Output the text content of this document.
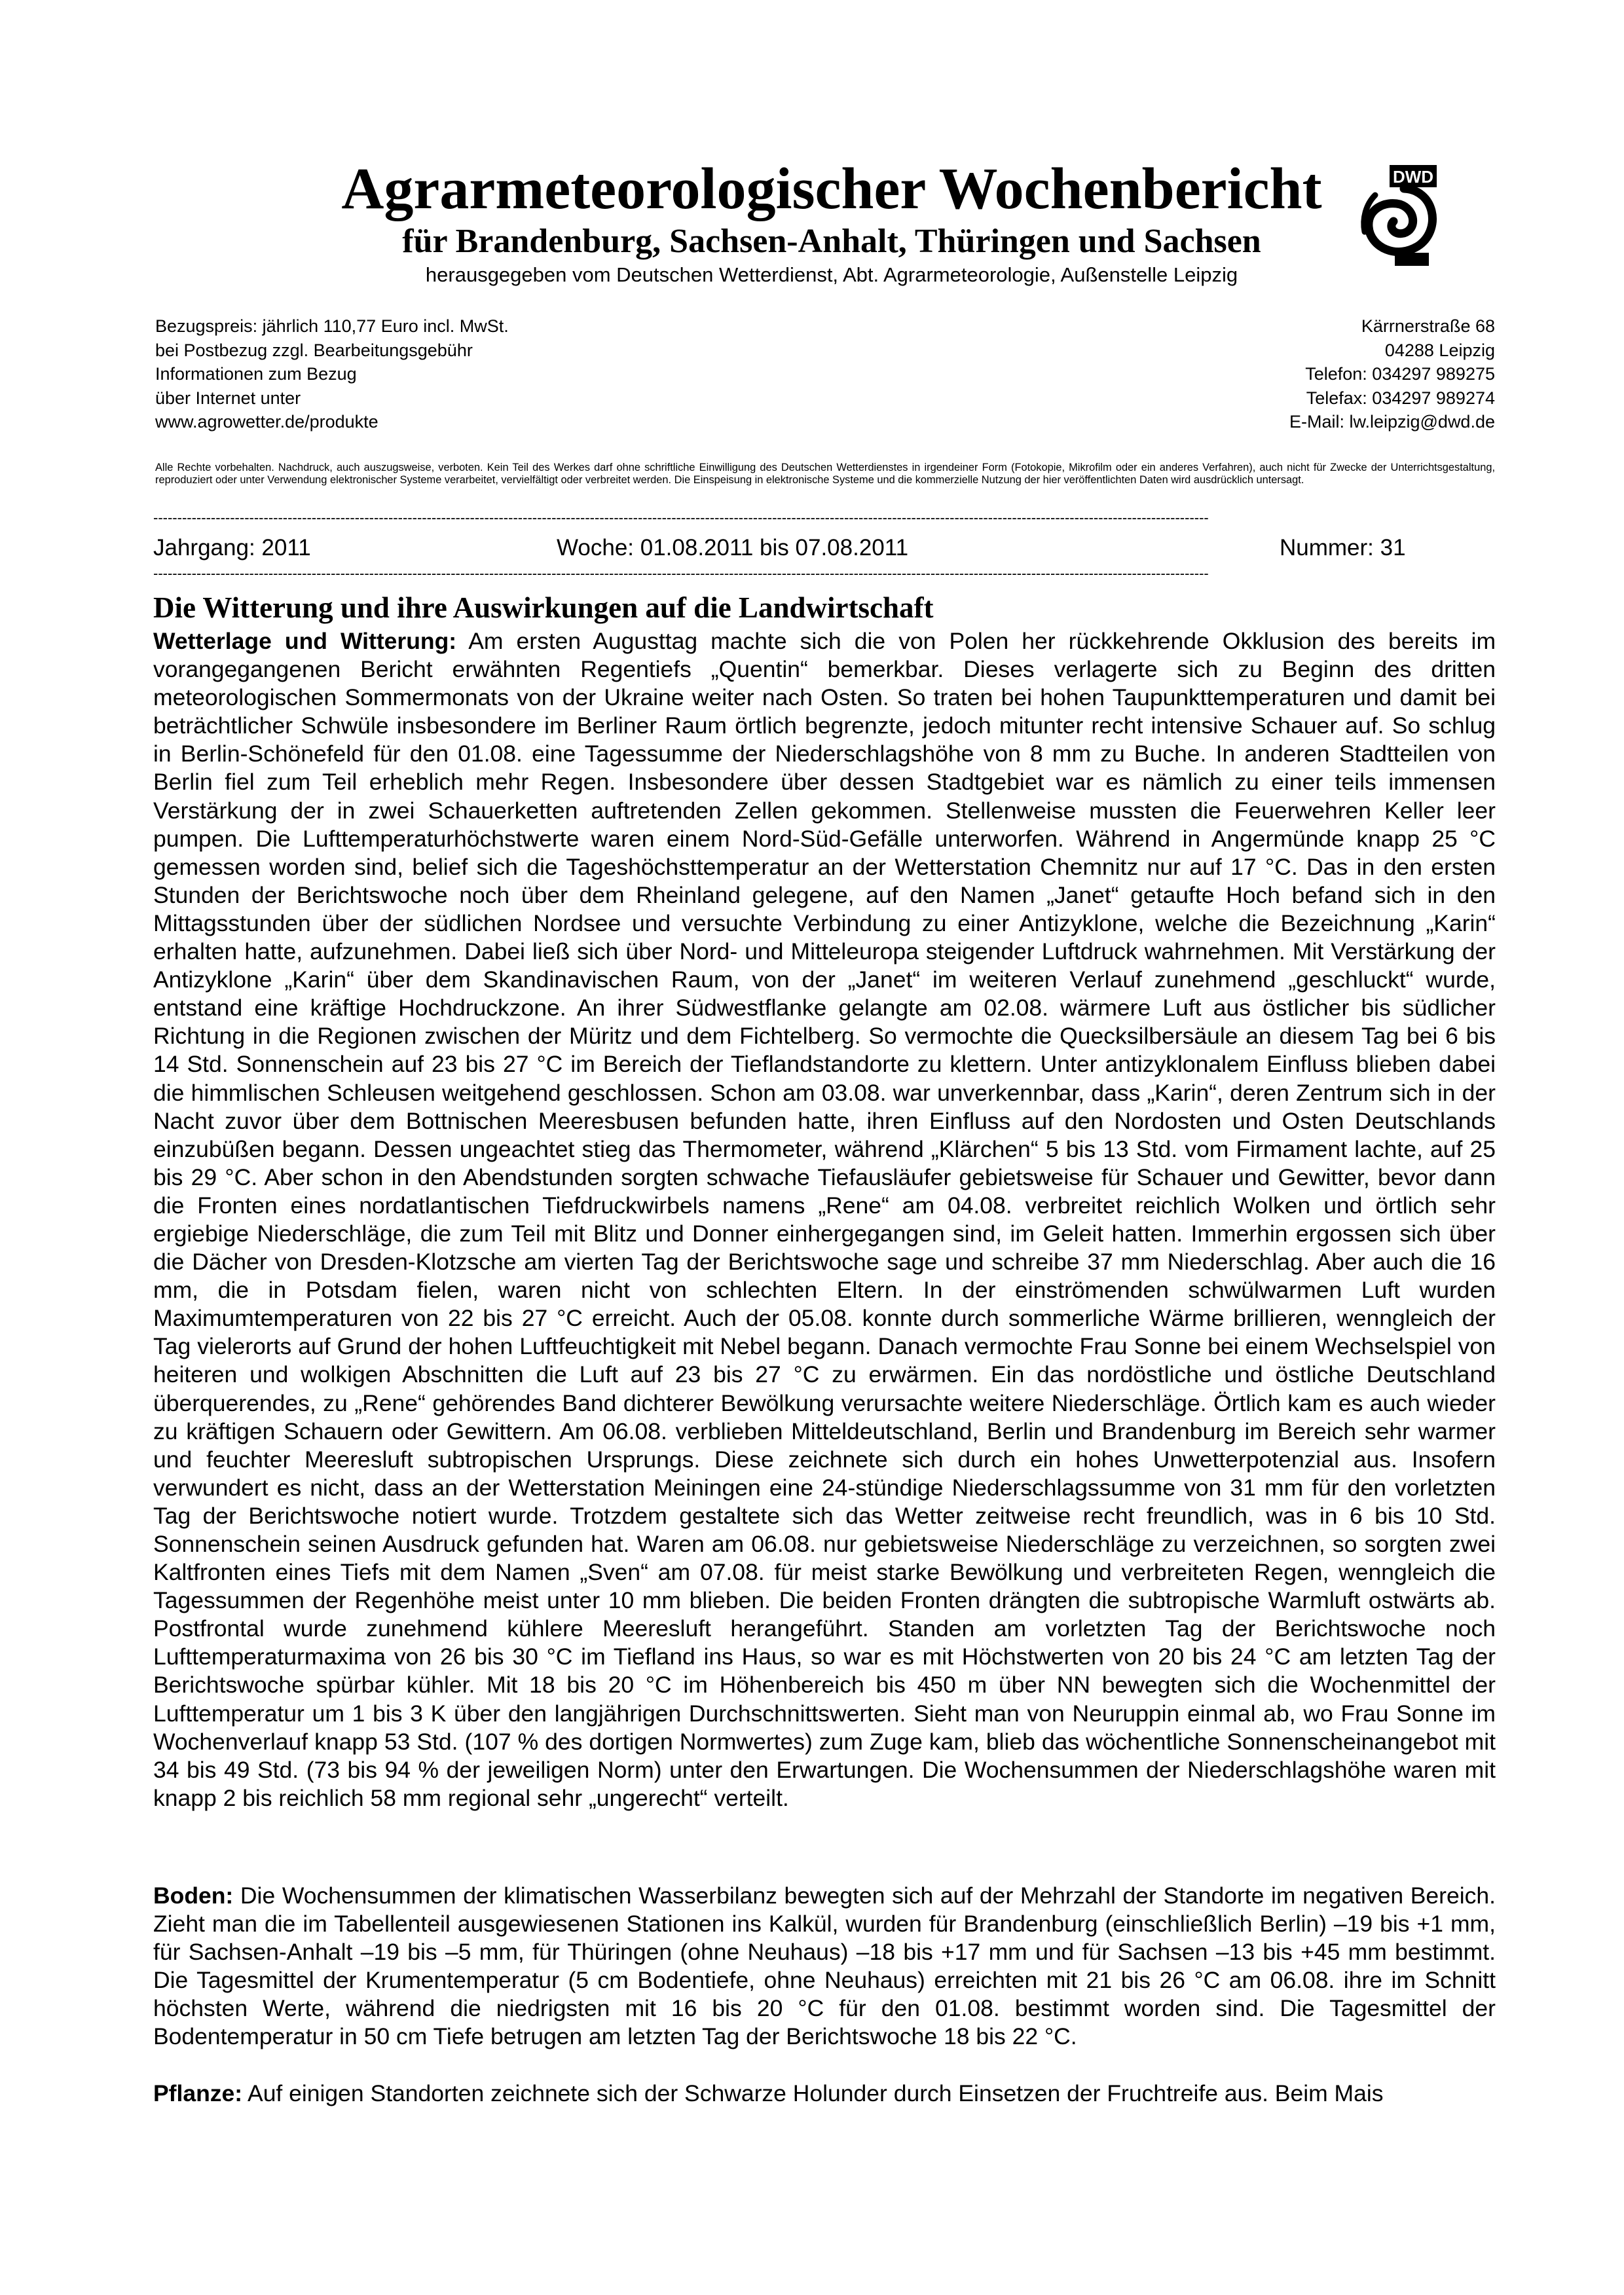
Agrarmeteorologischer Wochenbericht
für Brandenburg, Sachsen-Anhalt, Thüringen und Sachsen
herausgegeben vom Deutschen Wetterdienst, Abt. Agrarmeteorologie, Außenstelle Leipzig
DWD
Bezugspreis: jährlich 110,77 Euro incl. MwSt.
bei Postbezug zzgl. Bearbeitungsgebühr
Informationen zum Bezug
über Internet unter
www.agrowetter.de/produkte
Kärrnerstraße 68
04288 Leipzig
Telefon: 034297 989275
Telefax: 034297 989274
E-Mail: lw.leipzig@dwd.de
Alle Rechte vorbehalten. Nachdruck, auch auszugsweise, verboten. Kein Teil des Werkes darf ohne schriftliche Einwilligung des Deutschen Wetterdienstes in irgendeiner Form (Fotokopie, Mikrofilm oder ein anderes Verfahren), auch nicht für Zwecke der Unterrichtsgestaltung, reproduziert oder unter Verwendung elektronischer Systeme verarbeitet, vervielfältigt oder verbreitet werden. Die Einspeisung in elektronische Systeme und die kommerzielle Nutzung der hier veröffentlichten Daten wird ausdrücklich untersagt.
----------------------------------------------------------------------------------------------------------------------------------------------------------------------------------------------------------------------------
Jahrgang: 2011	Woche: 01.08.2011 bis 07.08.2011	Nummer: 31
----------------------------------------------------------------------------------------------------------------------------------------------------------------------------------------------------------------------------
Die Witterung und ihre Auswirkungen auf die Landwirtschaft
Wetterlage und Witterung: Am ersten Augusttag machte sich die von Polen her rückkehrende Okklusion des bereits im vorangegangenen Bericht erwähnten Regentiefs „Quentin“ bemerkbar. Dieses verlagerte sich zu Beginn des dritten meteorologischen Sommermonats von der Ukraine weiter nach Osten. So traten bei hohen Taupunkttemperaturen und damit bei beträchtlicher Schwüle insbesondere im Berliner Raum örtlich begrenzte, jedoch mitunter recht intensive Schauer auf. So schlug in Berlin-Schönefeld für den 01.08. eine Tagessumme der Niederschlagshöhe von 8 mm zu Buche. In anderen Stadtteilen von Berlin fiel zum Teil erheblich mehr Regen. Insbesondere über dessen Stadtgebiet war es nämlich zu einer teils immensen Verstärkung der in zwei Schauerketten auftretenden Zellen gekommen. Stellenweise mussten die Feuerwehren Keller leer pumpen. Die Lufttemperaturhöchstwerte waren einem Nord-Süd-Gefälle unterworfen. Während in Angermünde knapp 25 °C gemessen worden sind, belief sich die Tageshöchsttemperatur an der Wetterstation Chemnitz nur auf 17 °C. Das in den ersten Stunden der Berichtswoche noch über dem Rheinland gelegene, auf den Namen „Janet“ getaufte Hoch befand sich in den Mittagsstunden über der südlichen Nordsee und versuchte Verbindung zu einer Antizyklone, welche die Bezeichnung „Karin“ erhalten hatte, aufzunehmen. Dabei ließ sich über Nord- und Mitteleuropa steigender Luftdruck wahrnehmen. Mit Verstärkung der Antizyklone „Karin“ über dem Skandinavischen Raum, von der „Janet“ im weiteren Verlauf zunehmend „geschluckt“ wurde, entstand eine kräftige Hochdruckzone. An ihrer Südwestflanke gelangte am 02.08. wärmere Luft aus östlicher bis südlicher Richtung in die Regionen zwischen der Müritz und dem Fichtelberg. So vermochte die Quecksilbersäule an diesem Tag bei 6 bis 14 Std. Sonnenschein auf 23 bis 27 °C im Bereich der Tieflandstandorte zu klettern. Unter antizyklonalem Einfluss blieben dabei die himmlischen Schleusen weitgehend geschlossen. Schon am 03.08. war unverkennbar, dass „Karin“, deren Zentrum sich in der Nacht zuvor über dem Bottnischen Meeresbusen befunden hatte, ihren Einfluss auf den Nordosten und Osten Deutschlands einzubüßen begann. Dessen ungeachtet stieg das Thermometer, während „Klärchen“ 5 bis 13 Std. vom Firmament lachte, auf 25 bis 29 °C. Aber schon in den Abendstunden sorgten schwache Tiefausläufer gebietsweise für Schauer und Gewitter, bevor dann die Fronten eines nordatlantischen Tiefdruckwirbels namens „Rene“ am 04.08. verbreitet reichlich Wolken und örtlich sehr ergiebige Niederschläge, die zum Teil mit Blitz und Donner einhergegangen sind, im Geleit hatten. Immerhin ergossen sich über die Dächer von Dresden-Klotzsche am vierten Tag der Berichtswoche sage und schreibe 37 mm Niederschlag. Aber auch die 16 mm, die in Potsdam fielen, waren nicht von schlechten Eltern. In der einströmenden schwülwarmen Luft wurden Maximumtemperaturen von 22 bis 27 °C erreicht. Auch der 05.08. konnte durch sommerliche Wärme brillieren, wenngleich der Tag vielerorts auf Grund der hohen Luftfeuchtigkeit mit Nebel begann. Danach vermochte Frau Sonne bei einem Wechselspiel von heiteren und wolkigen Abschnitten die Luft auf 23 bis 27 °C zu erwärmen. Ein das nordöstliche und östliche Deutschland überquerendes, zu „Rene“ gehörendes Band dichterer Bewölkung verursachte weitere Niederschläge. Örtlich kam es auch wieder zu kräftigen Schauern oder Gewittern. Am 06.08. verblieben Mitteldeutschland, Berlin und Brandenburg im Bereich sehr warmer und feuchter Meeresluft subtropischen Ursprungs. Diese zeichnete sich durch ein hohes Unwetterpotenzial aus. Insofern verwundert es nicht, dass an der Wetterstation Meiningen eine 24-stündige Niederschlagssumme von 31 mm für den vorletzten Tag der Berichtswoche notiert wurde. Trotzdem gestaltete sich das Wetter zeitweise recht freundlich, was in 6 bis 10 Std. Sonnenschein seinen Ausdruck gefunden hat. Waren am 06.08. nur gebietsweise Niederschläge zu verzeichnen, so sorgten zwei Kaltfronten eines Tiefs mit dem Namen „Sven“ am 07.08. für meist starke Bewölkung und verbreiteten Regen, wenngleich die Tagessummen der Regenhöhe meist unter 10 mm blieben. Die beiden Fronten drängten die subtropische Warmluft ostwärts ab. Postfrontal wurde zunehmend kühlere Meeresluft herangeführt. Standen am vorletzten Tag der Berichtswoche noch Lufttemperaturmaxima von 26 bis 30 °C im Tiefland ins Haus, so war es mit Höchstwerten von 20 bis 24 °C am letzten Tag der Berichtswoche spürbar kühler. Mit 18 bis 20 °C im Höhenbereich bis 450 m über NN bewegten sich die Wochenmittel der Lufttemperatur um 1 bis 3 K über den langjährigen Durchschnittswerten. Sieht man von Neuruppin einmal ab, wo Frau Sonne im Wochenverlauf knapp 53 Std. (107 % des dortigen Normwertes) zum Zuge kam, blieb das wöchentliche Sonnenscheinangebot mit 34 bis 49 Std. (73 bis 94 % der jeweiligen Norm) unter den Erwartungen. Die Wochensummen der Niederschlagshöhe waren mit knapp 2 bis reichlich 58 mm regional sehr „ungerecht“ verteilt.
Boden: Die Wochensummen der klimatischen Wasserbilanz bewegten sich auf der Mehrzahl der Standorte im negativen Bereich. Zieht man die im Tabellenteil ausgewiesenen Stationen ins Kalkül, wurden für Brandenburg (einschließlich Berlin) –19 bis +1 mm, für Sachsen-Anhalt –19 bis –5 mm, für Thüringen (ohne Neuhaus) –18 bis +17 mm und für Sachsen –13 bis +45 mm bestimmt. Die Tagesmittel der Krumentemperatur (5 cm Bodentiefe, ohne Neuhaus) erreichten mit 21 bis 26 °C am 06.08. ihre im Schnitt höchsten Werte, während die niedrigsten mit 16 bis 20 °C für den 01.08. bestimmt worden sind. Die Tagesmittel der Bodentemperatur in 50 cm Tiefe betrugen am letzten Tag der Berichtswoche 18 bis 22 °C.
Pflanze: Auf einigen Standorten zeichnete sich der Schwarze Holunder durch Einsetzen der Fruchtreife aus. Beim Mais
